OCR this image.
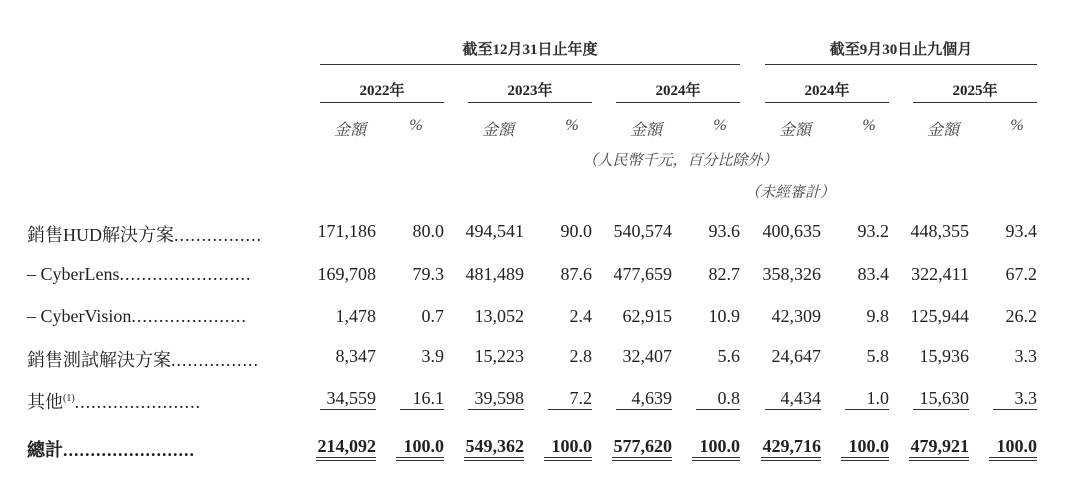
截至12月31日止年度	截至9月30日止九個月
2022年	2023年	2024年	2024年	2025年
金額	%	金額	%	金額	%	金額	%	金額	%
（人民幣千元，百分比除外）
（未經審計）
銷售HUD解決方案................	171,186 80.0 494,541 90.0 540,574 93.6 400,635 93.2 448,355 93.4
– CyberLens........................	169,708 79.3 481,489 87.6 477,659 82.7 358,326 83.4 322,411 67.2
– CyberVision.....................	1,478	0.7 13,052	2.4 62,915 10.9 42,309	9.8 125,944 26.2
銷售測試解決方案................	8,347	3.9 15,223	2.8 32,407	5.6 24,647	5.8 15,936	3.3
其他$^{(1)}$.......................	34,559	16.1	39,598	7.2	4,639	0.8	4,434	1.0	15,630	3.3
總計........................	214,092	100.0 549,362	100.0 577,620	100.0 429,716	100.0 479,921	100.0
